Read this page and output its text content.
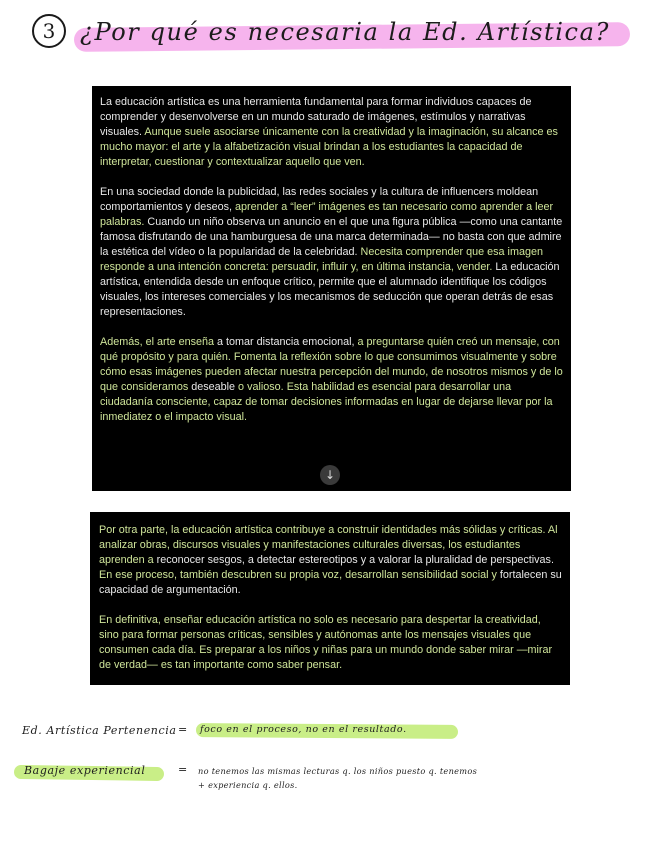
3	¿Por qué es necesaria la Ed. Artística?

La educación artística es una herramienta fundamental para formar individuos capaces de comprender y desenvolverse en un mundo saturado de imágenes, estímulos y narrativas visuales. Aunque suele asociarse únicamente con la creatividad y la imaginación, su alcance es mucho mayor: el arte y la alfabetización visual brindan a los estudiantes la capacidad de interpretar, cuestionar y contextualizar aquello que ven.

En una sociedad donde la publicidad, las redes sociales y la cultura de influencers moldean comportamientos y deseos, aprender a “leer” imágenes es tan necesario como aprender a leer palabras. Cuando un niño observa un anuncio en el que una figura pública —como una cantante famosa disfrutando de una hamburguesa de una marca determinada— no basta con que admire la estética del vídeo o la popularidad de la celebridad. Necesita comprender que esa imagen responde a una intención concreta: persuadir, influir y, en última instancia, vender. La educación artística, entendida desde un enfoque crítico, permite que el alumnado identifique los códigos visuales, los intereses comerciales y los mecanismos de seducción que operan detrás de esas representaciones.

Además, el arte enseña a tomar distancia emocional, a preguntarse quién creó un mensaje, con qué propósito y para quién. Fomenta la reflexión sobre lo que consumimos visualmente y sobre cómo esas imágenes pueden afectar nuestra percepción del mundo, de nosotros mismos y de lo que consideramos deseable o valioso. Esta habilidad es esencial para desarrollar una ciudadanía consciente, capaz de tomar decisiones informadas en lugar de dejarse llevar por la inmediatez o el impacto visual.

↓

Por otra parte, la educación artística contribuye a construir identidades más sólidas y críticas. Al analizar obras, discursos visuales y manifestaciones culturales diversas, los estudiantes aprenden a reconocer sesgos, a detectar estereotipos y a valorar la pluralidad de perspectivas. En ese proceso, también descubren su propia voz, desarrollan sensibilidad social y fortalecen su capacidad de argumentación.

En definitiva, enseñar educación artística no solo es necesario para despertar la creatividad, sino para formar personas críticas, sensibles y autónomas ante los mensajes visuales que consumen cada día. Es preparar a los niños y niñas para un mundo donde saber mirar —mirar de verdad— es tan importante como saber pensar.

Ed. Artística Pertenencia = foco en el proceso, no en el resultado.
Bagaje experiencial	= no tenemos las mismas lecturas q. los niños puesto q. tenemos
+ experiencia q. ellos.
